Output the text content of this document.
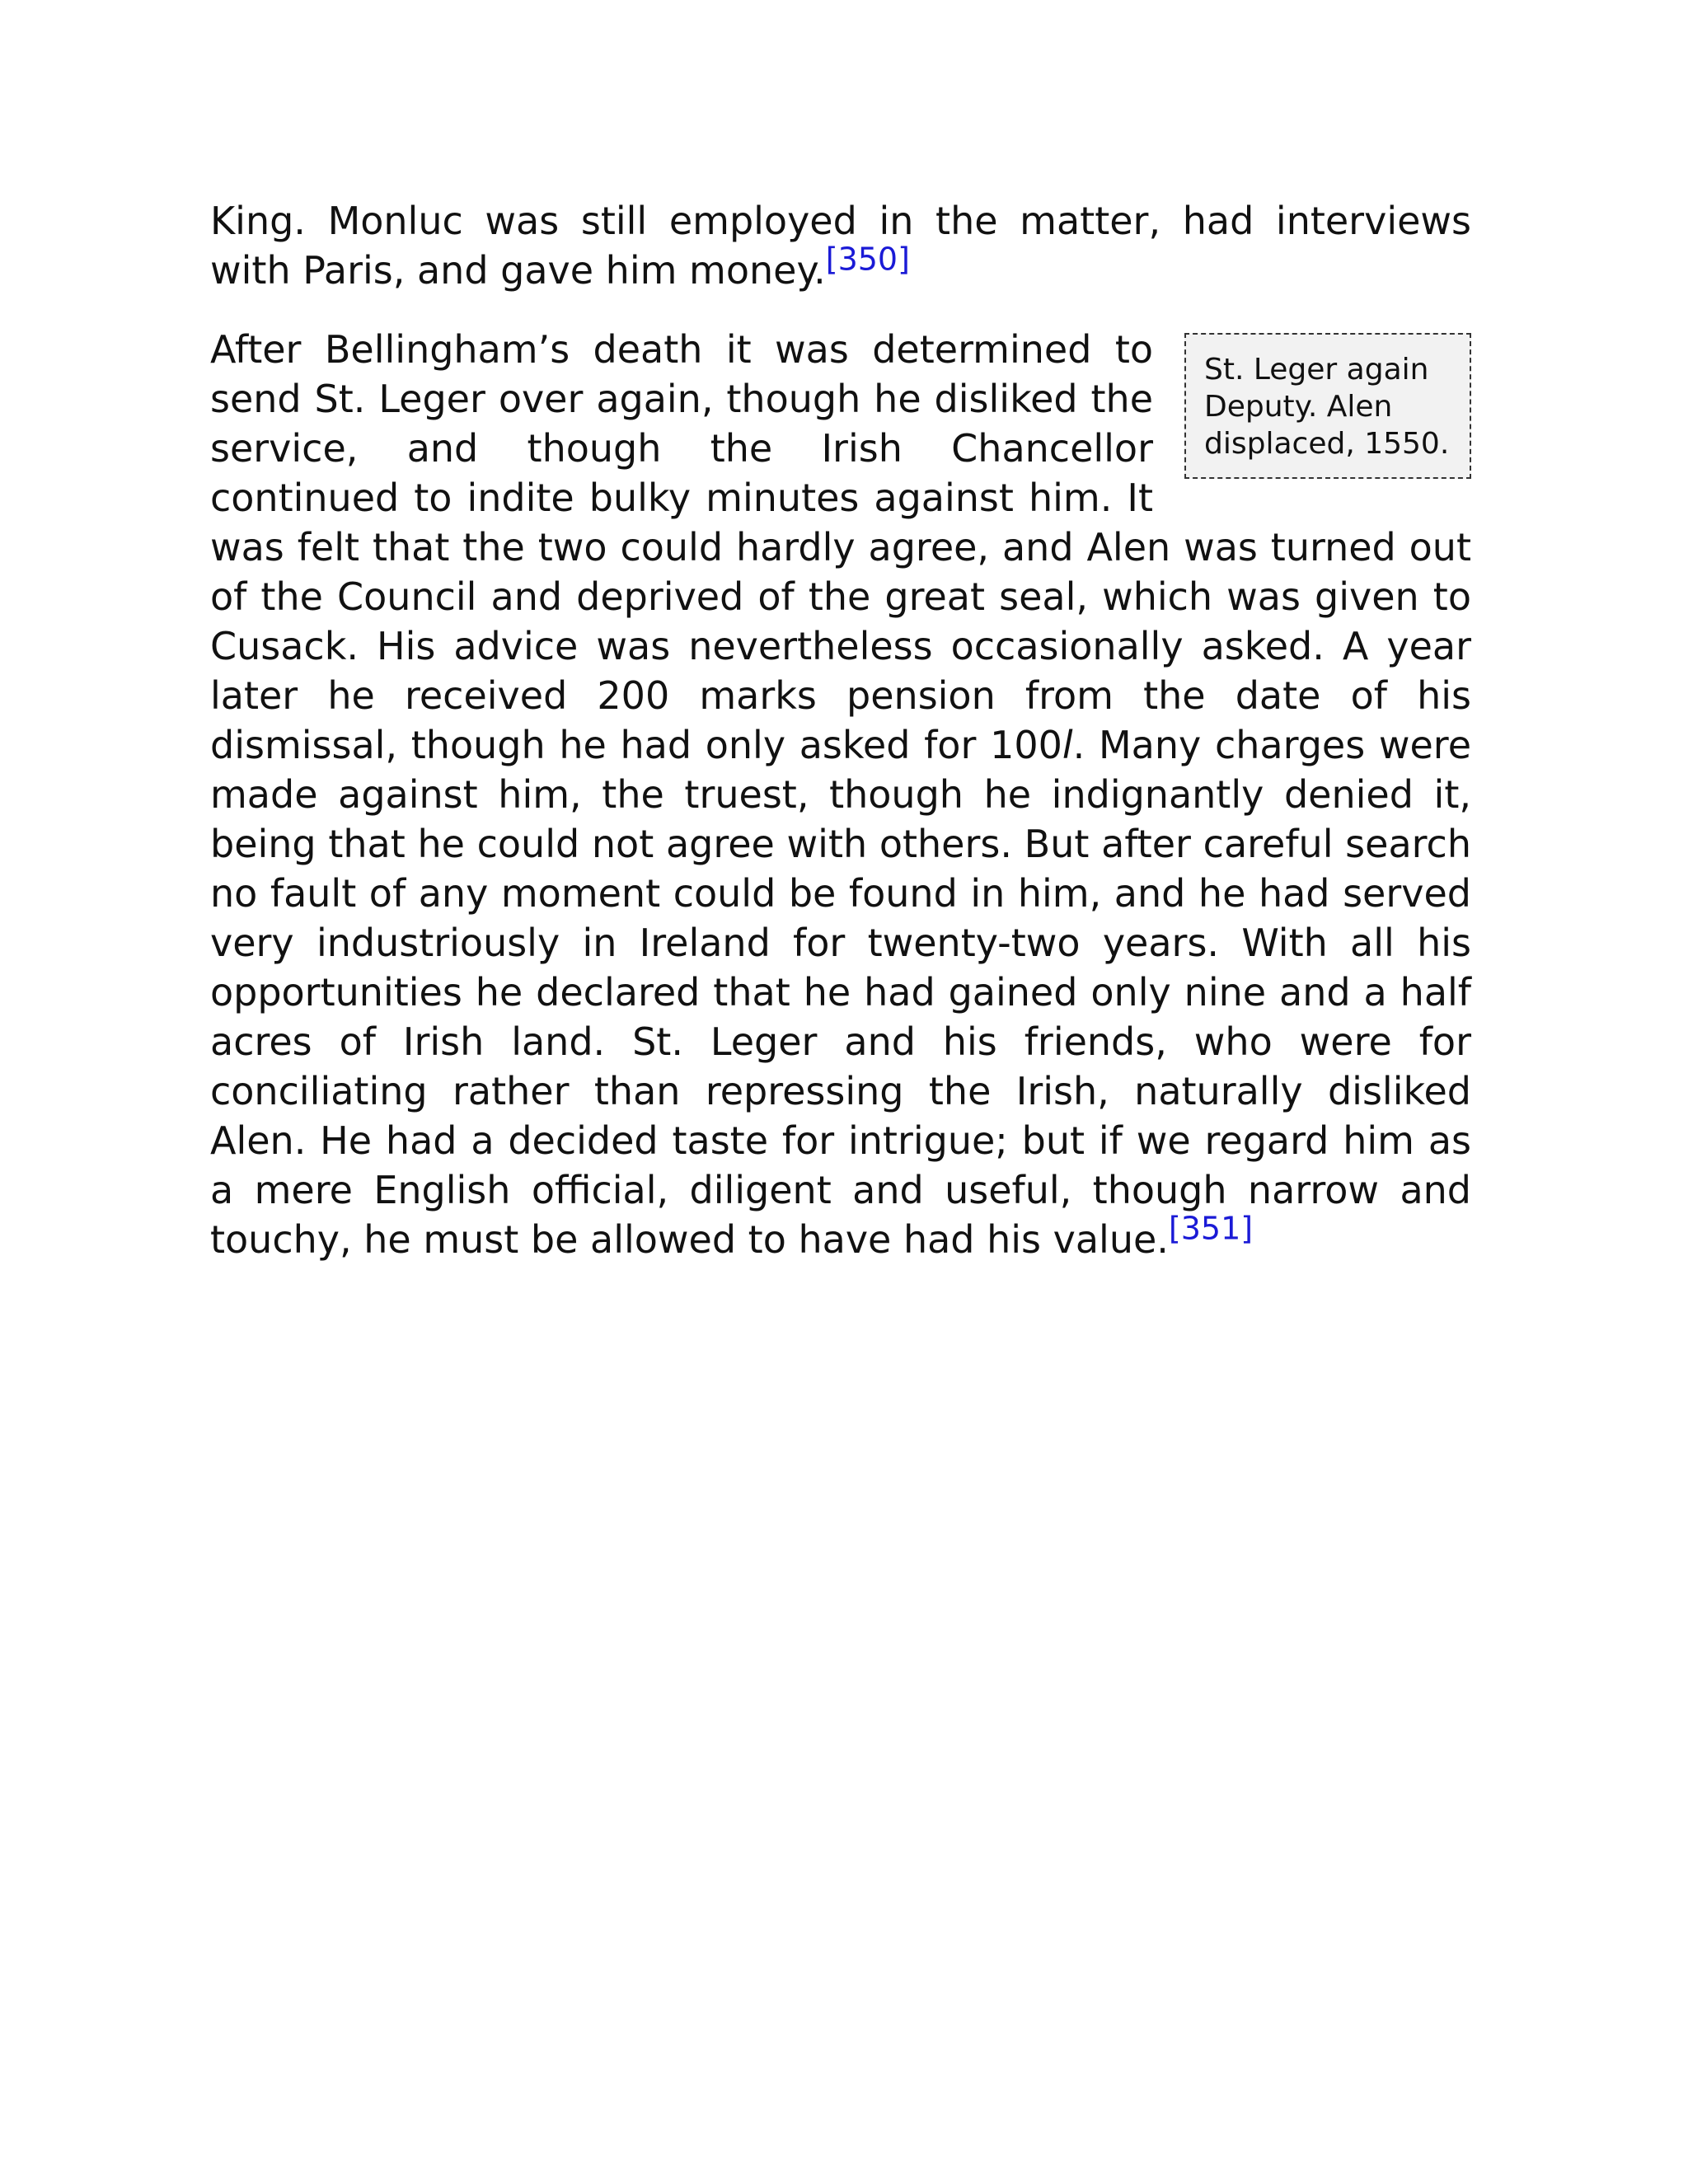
King. Monluc was still employed in the matter, had interviews with Paris, and gave him money.[350]

St. Leger again Deputy. Alen displaced, 1550.
After Bellingham’s death it was determined to send St. Leger over again, though he disliked the service, and though the Irish Chancellor continued to indite bulky minutes against him. It was felt that the two could hardly agree, and Alen was turned out of the Council and deprived of the great seal, which was given to Cusack. His advice was nevertheless occasionally asked. A year later he received 200 marks pension from the date of his dismissal, though he had only asked for 100l. Many charges were made against him, the truest, though he indignantly denied it, being that he could not agree with others. But after careful search no fault of any moment could be found in him, and he had served very industriously in Ireland for twenty-two years. With all his opportunities he declared that he had gained only nine and a half acres of Irish land. St. Leger and his friends, who were for conciliating rather than repressing the Irish, naturally disliked Alen. He had a decided taste for intrigue; but if we regard him as a mere English official, diligent and useful, though narrow and touchy, he must be allowed to have had his value.[351]
